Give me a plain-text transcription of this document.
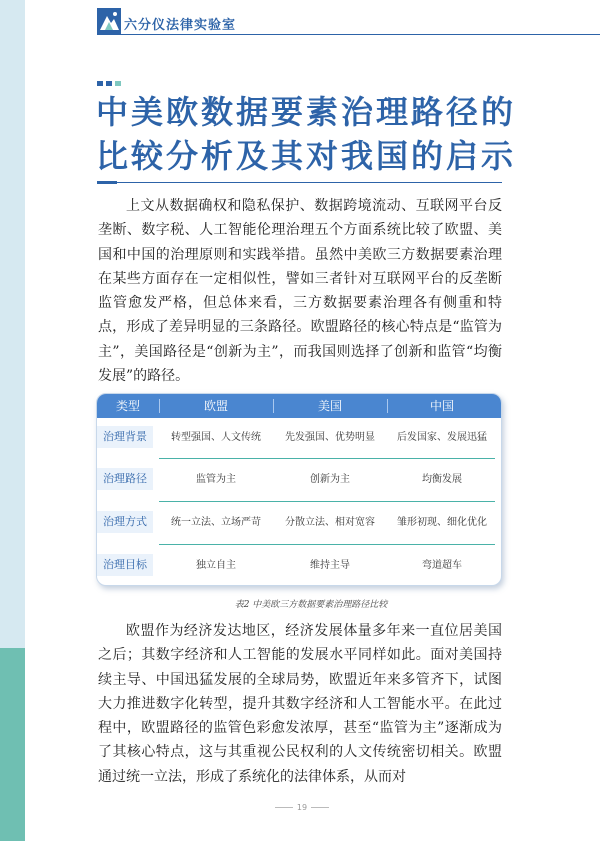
六分仪法律实验室
中美欧数据要素治理路径的
比较分析及其对我国的启示

上文从数据确权和隐私保护、数据跨境流动、互联网平台反垄断、数字税、人工智能伦理治理五个方面系统比较了欧盟、美国和中国的治理原则和实践举措。虽然中美欧三方数据要素治理在某些方面存在一定相似性，譬如三者针对互联网平台的反垄断监管愈发严格，但总体来看，三方数据要素治理各有侧重和特点，形成了差异明显的三条路径。欧盟路径的核心特点是“监管为主”，美国路径是“创新为主”，而我国则选择了创新和监管“均衡发展”的路径。

类型	欧盟	美国	中国
治理背景	转型强国、人文传统	先发强国、优势明显	后发国家、发展迅猛
治理路径	监管为主	创新为主	均衡发展
治理方式	统一立法、立场严苛	分散立法、相对宽容	雏形初现、细化优化
治理目标	独立自主	维持主导	弯道超车
表2 中美欧三方数据要素治理路径比较

欧盟作为经济发达地区，经济发展体量多年来一直位居美国之后；其数字经济和人工智能的发展水平同样如此。面对美国持续主导、中国迅猛发展的全球局势，欧盟近年来多管齐下，试图大力推进数字化转型，提升其数字经济和人工智能水平。在此过程中，欧盟路径的监管色彩愈发浓厚，甚至“监管为主”逐渐成为了其核心特点，这与其重视公民权利的人文传统密切相关。欧盟通过统一立法，形成了系统化的法律体系，从而对

19
